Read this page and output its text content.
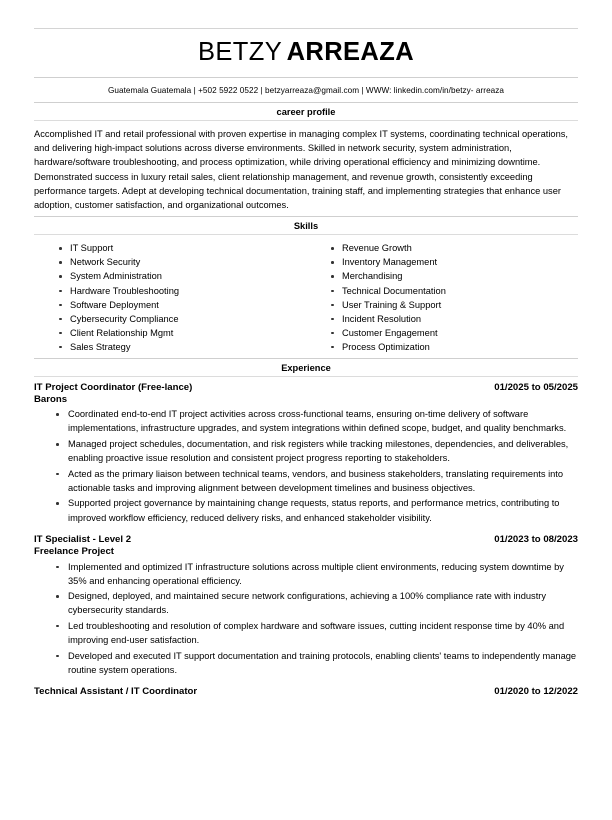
BETZY ARREAZA
Guatemala Guatemala | +502 5922 0522 | betzyarreaza@gmail.com | WWW: linkedin.com/in/betzy- arreaza
career profile
Accomplished IT and retail professional with proven expertise in managing complex IT systems, coordinating technical operations, and delivering high-impact solutions across diverse environments. Skilled in network security, system administration, hardware/software troubleshooting, and process optimization, while driving operational efficiency and minimizing downtime. Demonstrated success in luxury retail sales, client relationship management, and revenue growth, consistently exceeding performance targets. Adept at developing technical documentation, training staff, and implementing strategies that enhance user adoption, customer satisfaction, and organizational outcomes.
Skills
IT Support
Network Security
System Administration
Hardware Troubleshooting
Software Deployment
Cybersecurity Compliance
Client Relationship Mgmt
Sales Strategy
Revenue Growth
Inventory Management
Merchandising
Technical Documentation
User Training & Support
Incident Resolution
Customer Engagement
Process Optimization
Experience
IT Project Coordinator (Free-lance)	01/2025 to 05/2025
Barons
Coordinated end-to-end IT project activities across cross-functional teams, ensuring on-time delivery of software implementations, infrastructure upgrades, and system integrations within defined scope, budget, and quality benchmarks.
Managed project schedules, documentation, and risk registers while tracking milestones, dependencies, and deliverables, enabling proactive issue resolution and consistent project progress reporting to stakeholders.
Acted as the primary liaison between technical teams, vendors, and business stakeholders, translating requirements into actionable tasks and improving alignment between development timelines and business objectives.
Supported project governance by maintaining change requests, status reports, and performance metrics, contributing to improved workflow efficiency, reduced delivery risks, and enhanced stakeholder visibility.
IT Specialist - Level 2	01/2023 to 08/2023
Freelance Project
Implemented and optimized IT infrastructure solutions across multiple client environments, reducing system downtime by 35% and enhancing operational efficiency.
Designed, deployed, and maintained secure network configurations, achieving a 100% compliance rate with industry cybersecurity standards.
Led troubleshooting and resolution of complex hardware and software issues, cutting incident response time by 40% and improving end-user satisfaction.
Developed and executed IT support documentation and training protocols, enabling clients' teams to independently manage routine system operations.
Technical Assistant / IT Coordinator	01/2020 to 12/2022
